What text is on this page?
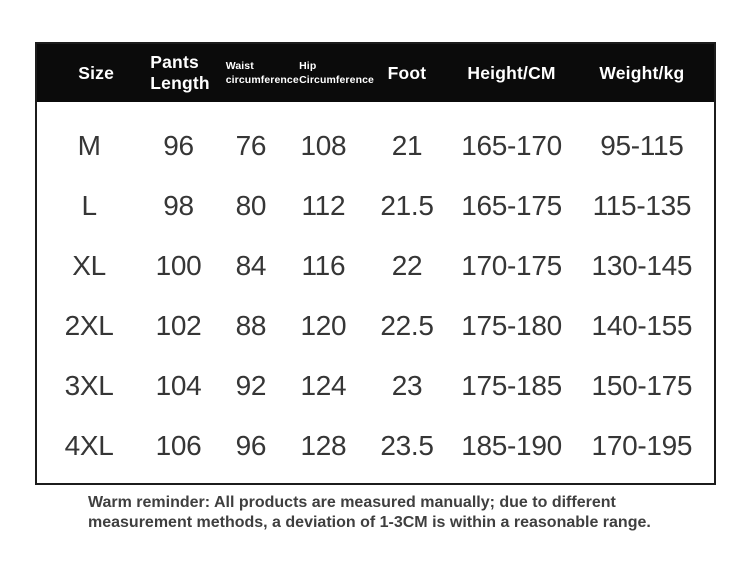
Size	Pants Length	Waist circumference	Hip Circumference	Foot	Height/CM	Weight/kg
M	96	76	108	21	165-170	95-115
L	98	80	112	21.5	165-175	115-135
XL	100	84	116	22	170-175	130-145
2XL	102	88	120	22.5	175-180	140-155
3XL	104	92	124	23	175-185	150-175
4XL	106	96	128	23.5	185-190	170-195
Warm reminder: All products are measured manually; due to different
measurement methods, a deviation of 1-3CM is within a reasonable range.
